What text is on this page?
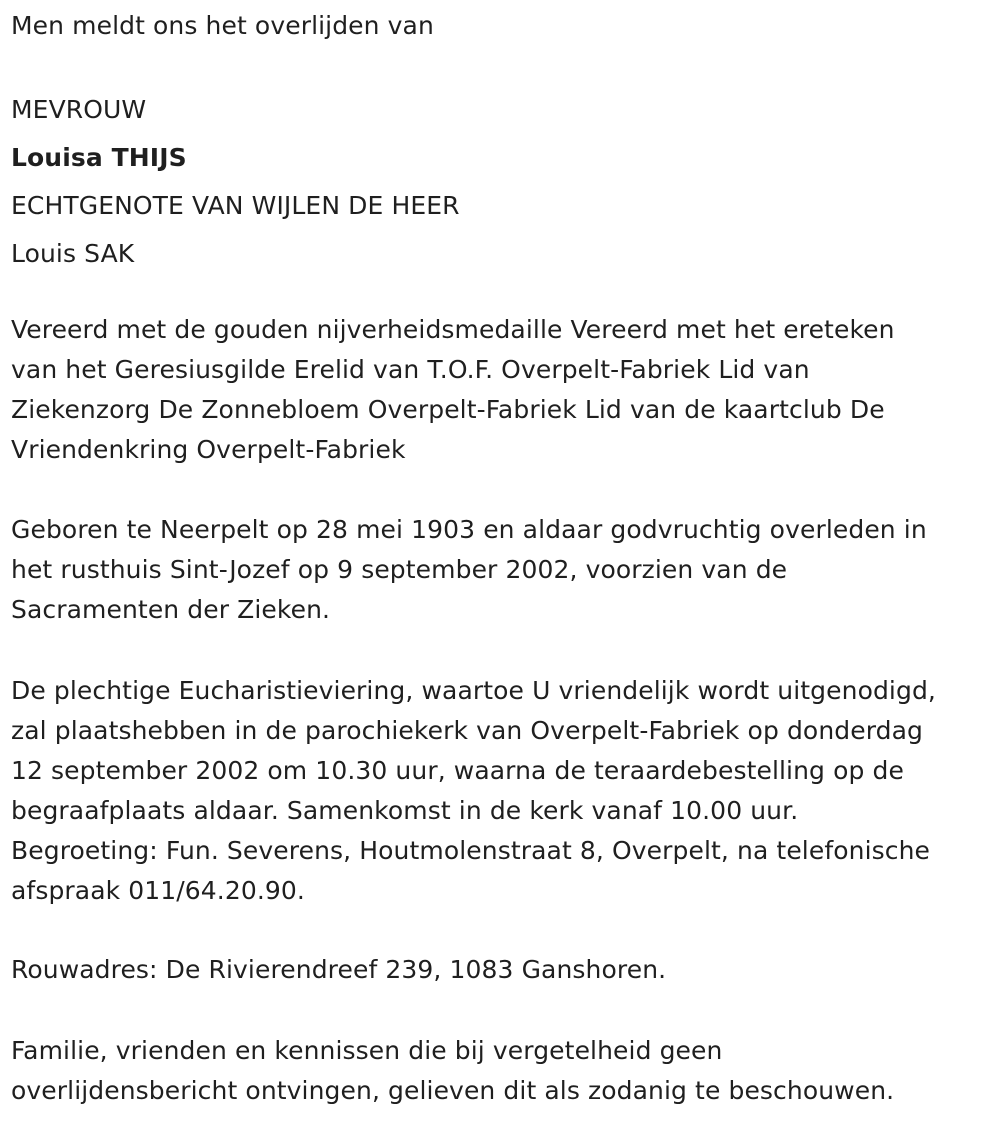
Men meldt ons het overlijden van
MEVROUW
Louisa THIJS
ECHTGENOTE VAN WIJLEN DE HEER
Louis SAK
Vereerd met de gouden nijverheidsmedaille Vereerd met het ereteken
van het Geresiusgilde Erelid van T.O.F. Overpelt-Fabriek Lid van
Ziekenzorg De Zonnebloem Overpelt-Fabriek Lid van de kaartclub De
Vriendenkring Overpelt-Fabriek
Geboren te Neerpelt op 28 mei 1903 en aldaar godvruchtig overleden in
het rusthuis Sint-Jozef op 9 september 2002, voorzien van de
Sacramenten der Zieken.
De plechtige Eucharistieviering, waartoe U vriendelijk wordt uitgenodigd,
zal plaatshebben in de parochiekerk van Overpelt-Fabriek op donderdag
12 september 2002 om 10.30 uur, waarna de teraardebestelling op de
begraafplaats aldaar. Samenkomst in de kerk vanaf 10.00 uur.
Begroeting: Fun. Severens, Houtmolenstraat 8, Overpelt, na telefonische
afspraak 011/64.20.90.
Rouwadres: De Rivierendreef 239, 1083 Ganshoren.
Familie, vrienden en kennissen die bij vergetelheid geen
overlijdensbericht ontvingen, gelieven dit als zodanig te beschouwen.
